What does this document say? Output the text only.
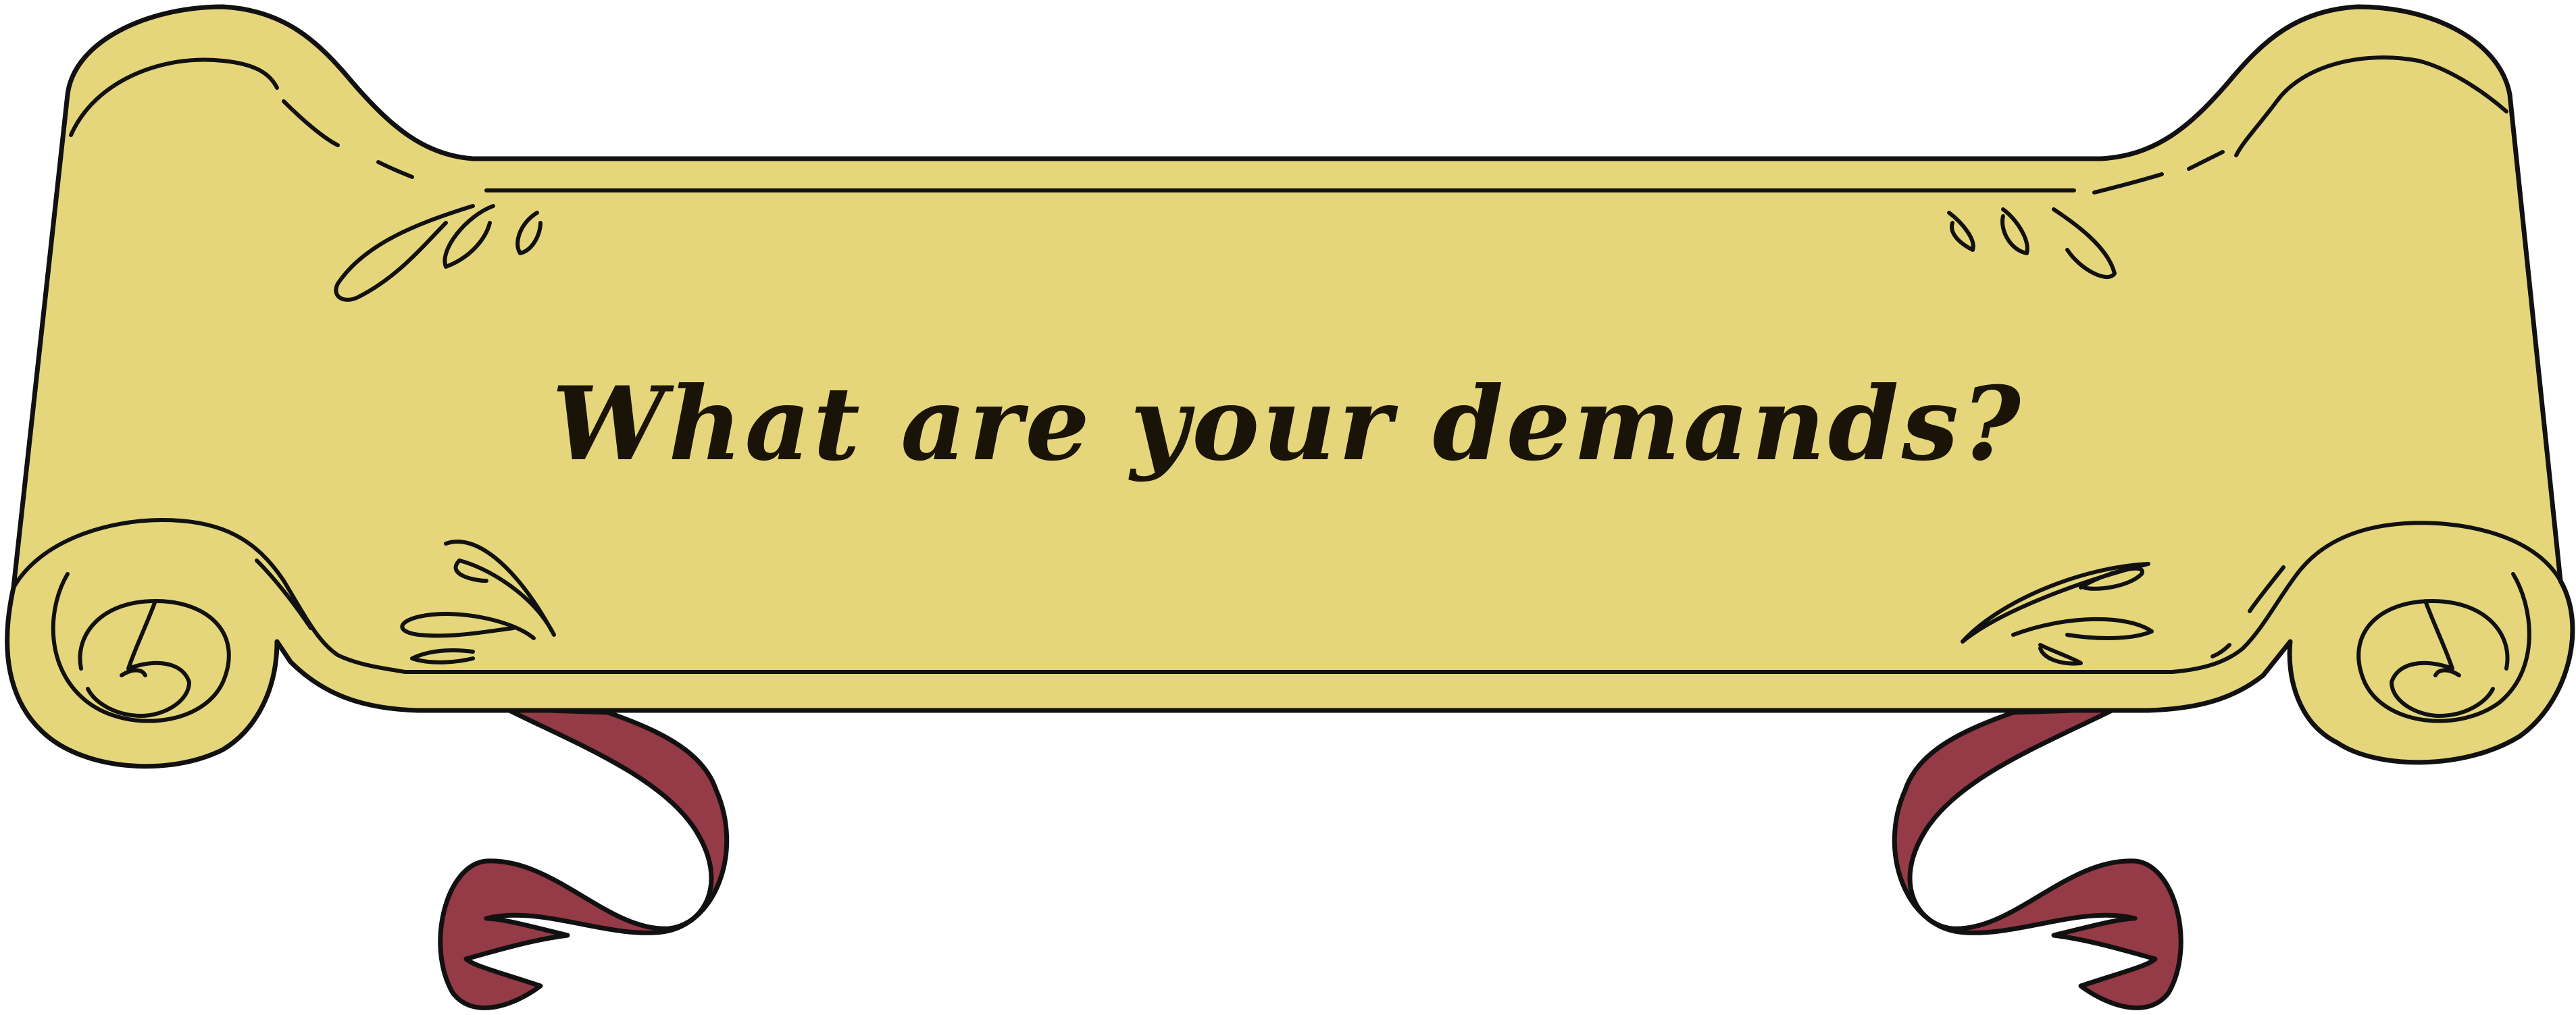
What are your demands?
